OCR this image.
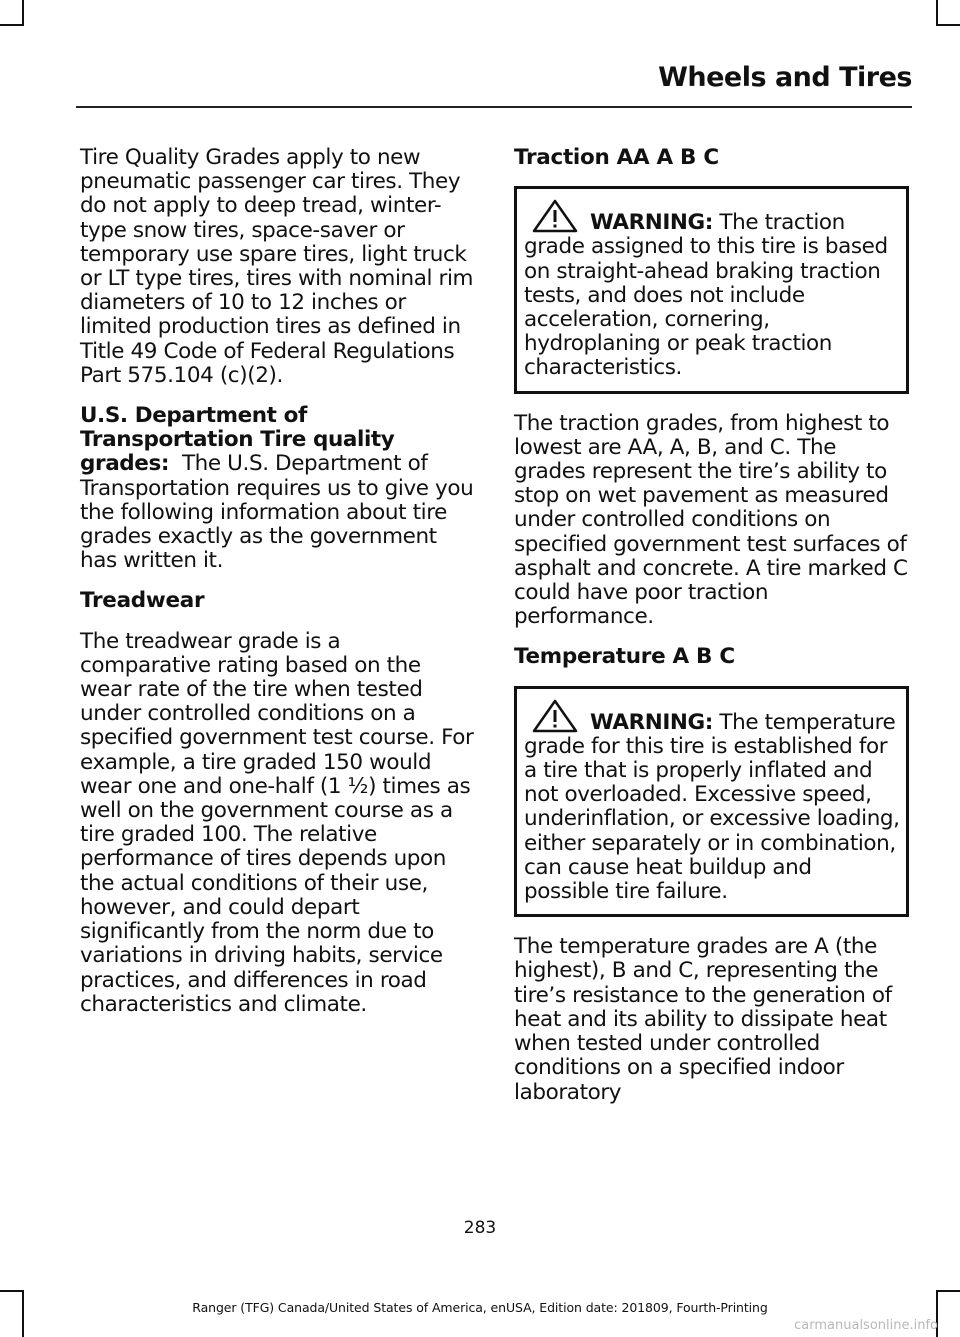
Wheels and Tires

Tire Quality Grades apply to new pneumatic passenger car tires. They do not apply to deep tread, winter-type snow tires, space-saver or temporary use spare tires, light truck or LT type tires, tires with nominal rim diameters of 10 to 12 inches or limited production tires as defined in Title 49 Code of Federal Regulations Part 575.104 (c)(2).

U.S. Department of Transportation Tire quality grades: The U.S. Department of Transportation requires us to give you the following information about tire grades exactly as the government has written it.

Treadwear

The treadwear grade is a comparative rating based on the wear rate of the tire when tested under controlled conditions on a specified government test course. For example, a tire graded 150 would wear one and one-half (1 ½) times as well on the government course as a tire graded 100. The relative performance of tires depends upon the actual conditions of their use, however, and could depart significantly from the norm due to variations in driving habits, service practices, and differences in road characteristics and climate.

Traction AA A B C

WARNING: The traction grade assigned to this tire is based on straight-ahead braking traction tests, and does not include acceleration, cornering, hydroplaning or peak traction characteristics.

The traction grades, from highest to lowest are AA, A, B, and C. The grades represent the tire’s ability to stop on wet pavement as measured under controlled conditions on specified government test surfaces of asphalt and concrete. A tire marked C could have poor traction performance.

Temperature A B C

WARNING: The temperature grade for this tire is established for a tire that is properly inflated and not overloaded. Excessive speed, underinflation, or excessive loading, either separately or in combination, can cause heat buildup and possible tire failure.

The temperature grades are A (the highest), B and C, representing the tire’s resistance to the generation of heat and its ability to dissipate heat when tested under controlled conditions on a specified indoor laboratory

283
Ranger (TFG) Canada/United States of America, enUSA, Edition date: 201809, Fourth-Printing
carmanualsonline.info
